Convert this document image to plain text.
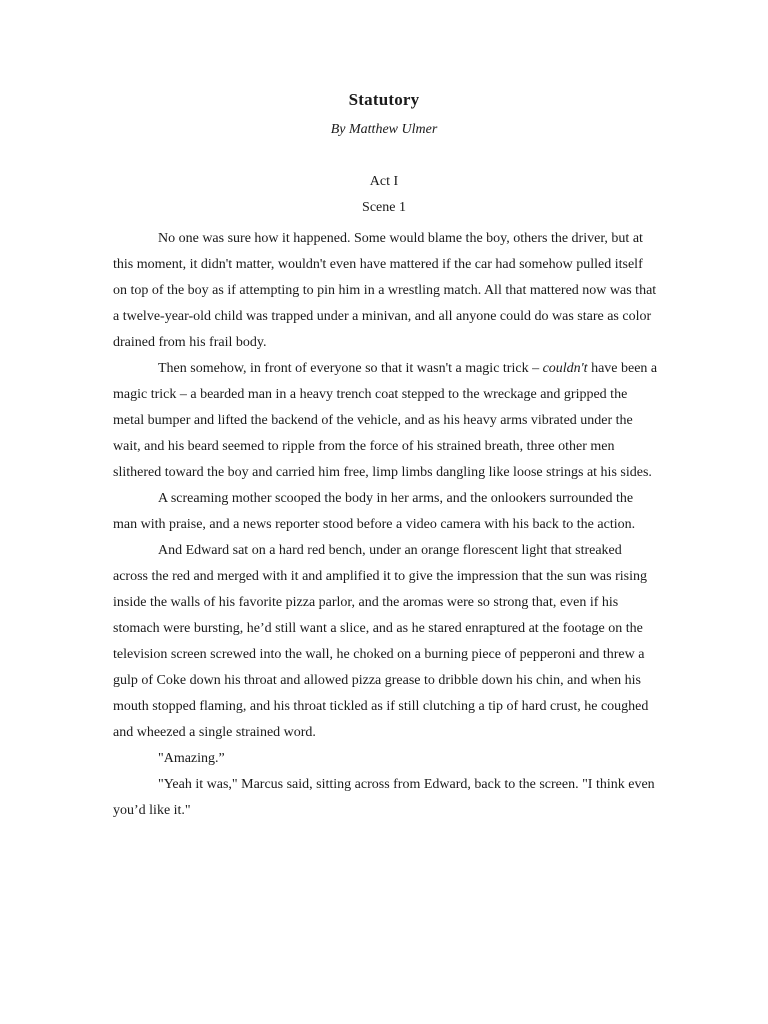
Statutory
By Matthew Ulmer
Act I
Scene 1

No one was sure how it happened. Some would blame the boy, others the driver, but at this moment, it didn't matter, wouldn't even have mattered if the car had somehow pulled itself on top of the boy as if attempting to pin him in a wrestling match. All that mattered now was that a twelve-year-old child was trapped under a minivan, and all anyone could do was stare as color drained from his frail body.

Then somehow, in front of everyone so that it wasn't a magic trick – couldn't have been a magic trick – a bearded man in a heavy trench coat stepped to the wreckage and gripped the metal bumper and lifted the backend of the vehicle, and as his heavy arms vibrated under the wait, and his beard seemed to ripple from the force of his strained breath, three other men slithered toward the boy and carried him free, limp limbs dangling like loose strings at his sides.

A screaming mother scooped the body in her arms, and the onlookers surrounded the man with praise, and a news reporter stood before a video camera with his back to the action.

And Edward sat on a hard red bench, under an orange florescent light that streaked across the red and merged with it and amplified it to give the impression that the sun was rising inside the walls of his favorite pizza parlor, and the aromas were so strong that, even if his stomach were bursting, he’d still want a slice, and as he stared enraptured at the footage on the television screen screwed into the wall, he choked on a burning piece of pepperoni and threw a gulp of Coke down his throat and allowed pizza grease to dribble down his chin, and when his mouth stopped flaming, and his throat tickled as if still clutching a tip of hard crust, he coughed and wheezed a single strained word.

"Amazing.”

"Yeah it was," Marcus said, sitting across from Edward, back to the screen. "I think even you’d like it."
